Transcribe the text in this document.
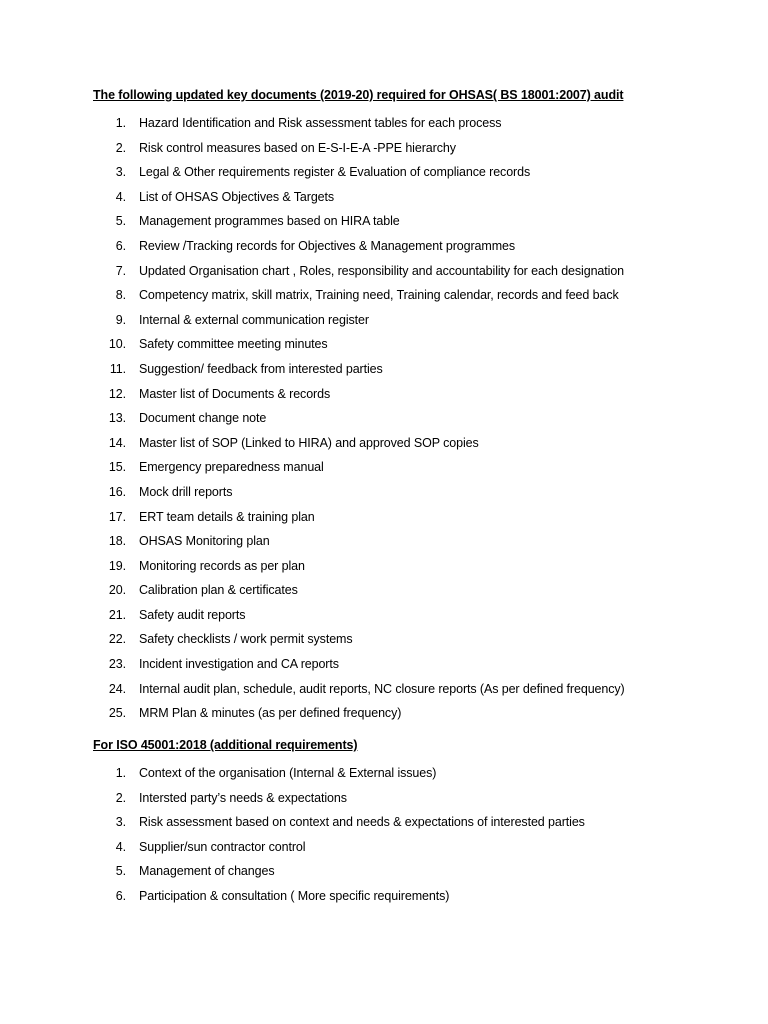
The following updated key documents (2019-20) required for OHSAS( BS 18001:2007) audit
1. Hazard Identification and Risk assessment tables for each process
2. Risk control measures based on E-S-I-E-A -PPE hierarchy
3. Legal & Other requirements register & Evaluation of compliance records
4. List of OHSAS Objectives & Targets
5. Management programmes based on HIRA table
6. Review /Tracking records for Objectives & Management programmes
7. Updated Organisation chart , Roles, responsibility and accountability for each designation
8. Competency matrix, skill matrix, Training need, Training calendar, records and feed back
9. Internal & external communication register
10. Safety committee meeting minutes
11. Suggestion/ feedback from interested parties
12. Master list of Documents & records
13. Document change note
14. Master list of SOP (Linked to HIRA) and approved SOP copies
15. Emergency preparedness manual
16. Mock drill reports
17. ERT team details & training plan
18. OHSAS Monitoring plan
19. Monitoring records as per plan
20. Calibration plan & certificates
21. Safety audit reports
22. Safety checklists / work permit systems
23. Incident investigation and CA reports
24. Internal audit plan, schedule, audit reports, NC closure reports (As per defined frequency)
25. MRM Plan & minutes (as per defined frequency)
For ISO 45001:2018 (additional requirements)
1. Context of the organisation (Internal & External issues)
2. Intersted party’s needs & expectations
3. Risk assessment based on context and needs & expectations of interested parties
4. Supplier/sun contractor control
5. Management of changes
6. Participation & consultation ( More specific requirements)
